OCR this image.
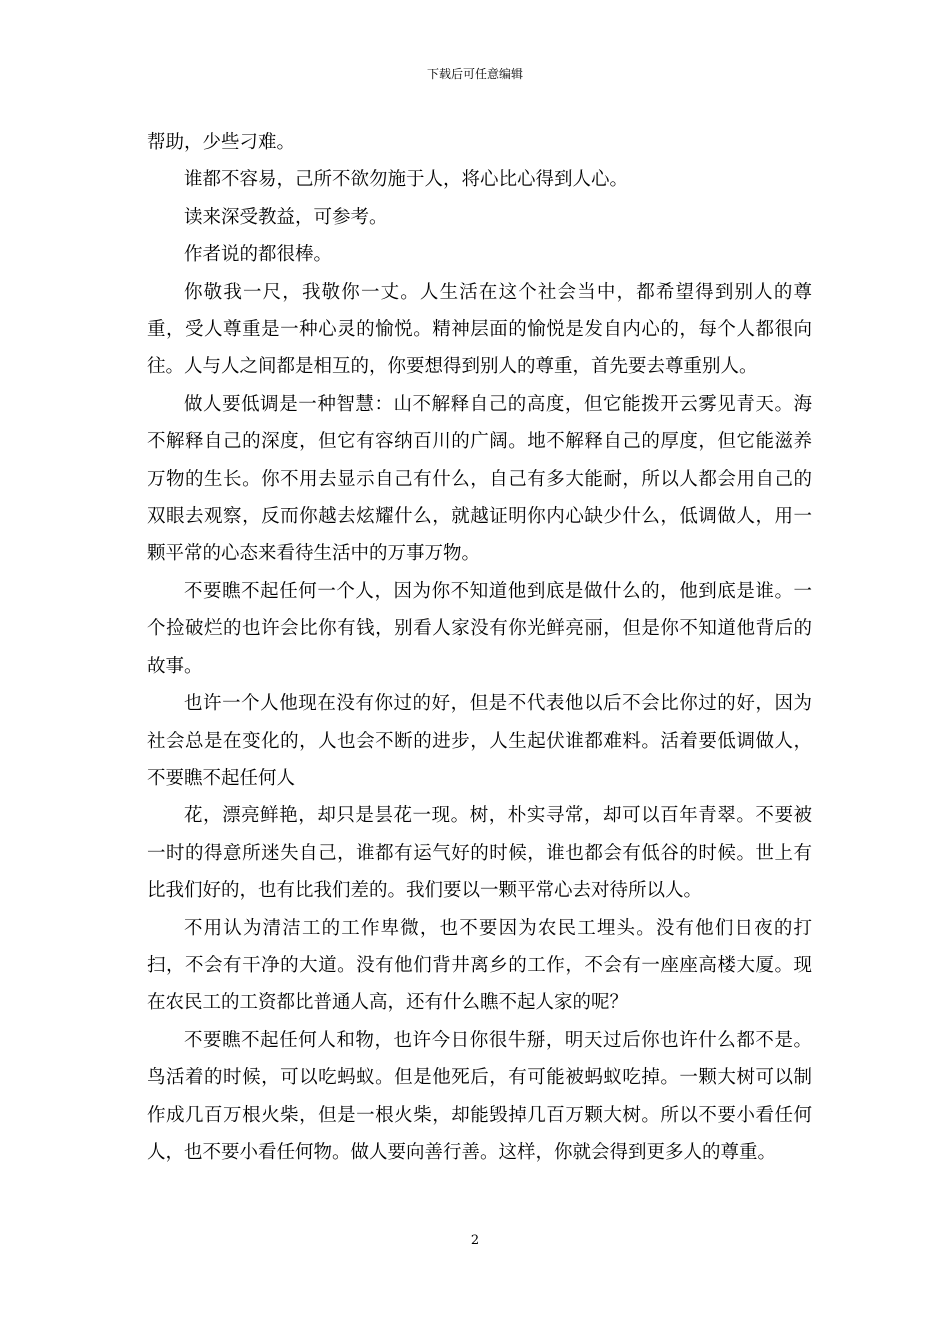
下载后可任意编辑

帮助，少些刁难。

谁都不容易，己所不欲勿施于人，将心比心得到人心。

读来深受教益，可参考。

作者说的都很棒。

你敬我一尺，我敬你一丈。人生活在这个社会当中，都希望得到别人的尊重，受人尊重是一种心灵的愉悦。精神层面的愉悦是发自内心的，每个人都很向往。人与人之间都是相互的，你要想得到别人的尊重，首先要去尊重别人。

做人要低调是一种智慧：山不解释自己的高度，但它能拨开云雾见青天。海不解释自己的深度，但它有容纳百川的广阔。地不解释自己的厚度，但它能滋养万物的生长。你不用去显示自己有什么，自己有多大能耐，所以人都会用自己的双眼去观察，反而你越去炫耀什么，就越证明你内心缺少什么，低调做人，用一颗平常的心态来看待生活中的万事万物。

不要瞧不起任何一个人，因为你不知道他到底是做什么的，他到底是谁。一个捡破烂的也许会比你有钱，别看人家没有你光鲜亮丽，但是你不知道他背后的故事。

也许一个人他现在没有你过的好，但是不代表他以后不会比你过的好，因为社会总是在变化的，人也会不断的进步，人生起伏谁都难料。活着要低调做人，不要瞧不起任何人

花，漂亮鲜艳，却只是昙花一现。树，朴实寻常，却可以百年青翠。不要被一时的得意所迷失自己，谁都有运气好的时候，谁也都会有低谷的时候。世上有比我们好的，也有比我们差的。我们要以一颗平常心去对待所以人。

不用认为清洁工的工作卑微，也不要因为农民工埋头。没有他们日夜的打扫，不会有干净的大道。没有他们背井离乡的工作，不会有一座座高楼大厦。现在农民工的工资都比普通人高，还有什么瞧不起人家的呢？

不要瞧不起任何人和物，也许今日你很牛掰，明天过后你也许什么都不是。鸟活着的时候，可以吃蚂蚁。但是他死后，有可能被蚂蚁吃掉。一颗大树可以制作成几百万根火柴，但是一根火柴，却能毁掉几百万颗大树。所以不要小看任何人，也不要小看任何物。做人要向善行善。这样，你就会得到更多人的尊重。

2
